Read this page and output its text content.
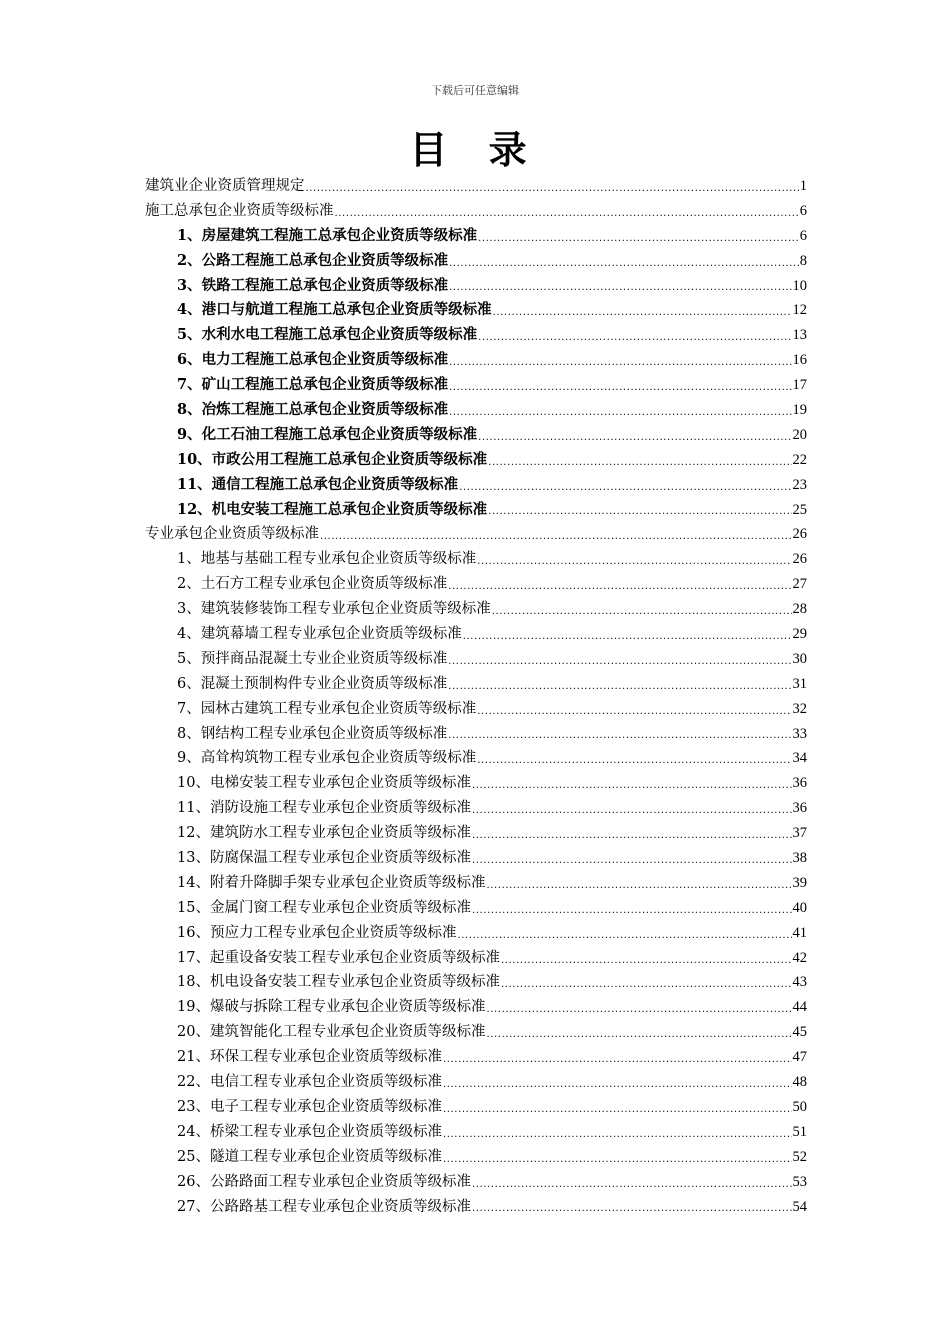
下载后可任意编辑
目 录
建筑业企业资质管理规定 .....	1
施工总承包企业资质等级标准 .....	6
1、房屋建筑工程施工总承包企业资质等级标准 .....	6
2、公路工程施工总承包企业资质等级标准 .....	8
3、铁路工程施工总承包企业资质等级标准 .....	10
4、港口与航道工程施工总承包企业资质等级标准 .....	12
5、水利水电工程施工总承包企业资质等级标准 .....	13
6、电力工程施工总承包企业资质等级标准 .....	16
7、矿山工程施工总承包企业资质等级标准 .....	17
8、冶炼工程施工总承包企业资质等级标准 .....	19
9、化工石油工程施工总承包企业资质等级标准 .....	20
10、市政公用工程施工总承包企业资质等级标准 .....	22
11、通信工程施工总承包企业资质等级标准 .....	23
12、机电安装工程施工总承包企业资质等级标准 .....	25
专业承包企业资质等级标准 .....	26
1、地基与基础工程专业承包企业资质等级标准 .....	26
2、土石方工程专业承包企业资质等级标准 .....	27
3、建筑装修装饰工程专业承包企业资质等级标准 .....	28
4、建筑幕墙工程专业承包企业资质等级标准 .....	29
5、预拌商品混凝土专业企业资质等级标准 .....	30
6、混凝土预制构件专业企业资质等级标准 .....	31
7、园林古建筑工程专业承包企业资质等级标准 .....	32
8、钢结构工程专业承包企业资质等级标准 .....	33
9、高耸构筑物工程专业承包企业资质等级标准 .....	34
10、电梯安装工程专业承包企业资质等级标准 .....	36
11、消防设施工程专业承包企业资质等级标准 .....	36
12、建筑防水工程专业承包企业资质等级标准 .....	37
13、防腐保温工程专业承包企业资质等级标准 .....	38
14、附着升降脚手架专业承包企业资质等级标准 .....	39
15、金属门窗工程专业承包企业资质等级标准 .....	40
16、预应力工程专业承包企业资质等级标准 .....	41
17、起重设备安装工程专业承包企业资质等级标准 .....	42
18、机电设备安装工程专业承包企业资质等级标准 .....	43
19、爆破与拆除工程专业承包企业资质等级标准 .....	44
20、建筑智能化工程专业承包企业资质等级标准 .....	45
21、环保工程专业承包企业资质等级标准 .....	47
22、电信工程专业承包企业资质等级标准 .....	48
23、电子工程专业承包企业资质等级标准 .....	50
24、桥梁工程专业承包企业资质等级标准 .....	51
25、隧道工程专业承包企业资质等级标准 .....	52
26、公路路面工程专业承包企业资质等级标准 .....	53
27、公路路基工程专业承包企业资质等级标准 .....	54
